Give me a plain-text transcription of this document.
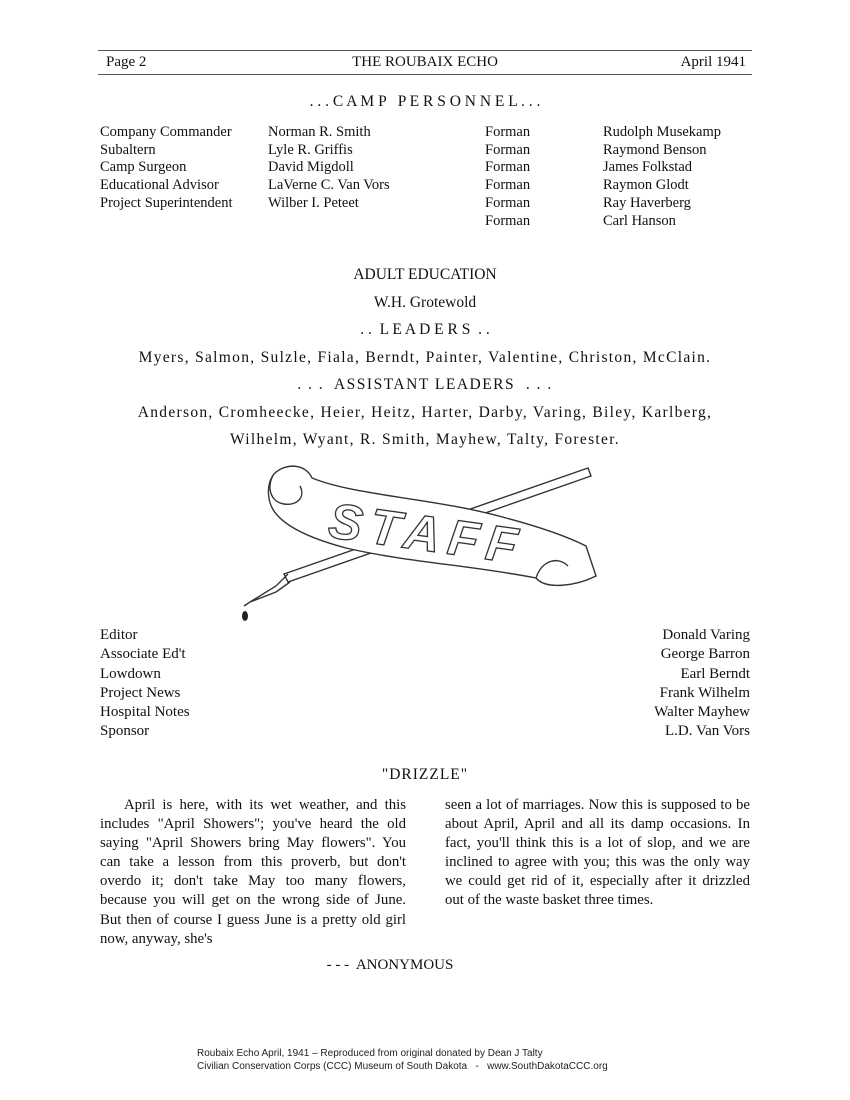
Page 2	THE ROUBAIX ECHO	April 1941
. . . C A M P   P E R S O N N E L . . .
Company Commander
Subaltern
Camp Surgeon
Educational Advisor
Project Superintendent
Norman R. Smith
Lyle R. Griffis
David Migdoll
LaVerne C. Van Vors
Wilber I. Peteet
Forman
Forman
Forman
Forman
Forman
Forman
Rudolph Musekamp
Raymond Benson
James Folkstad
Raymon Glodt
Ray Haverberg
Carl Hanson
ADULT EDUCATION
W.H. Grotewold
. .  L E A D E R S  . .
Myers, Salmon, Sulzle, Fiala, Berndt, Painter, Valentine, Christon, McClain.
. . .  ASSISTANT LEADERS  . . .
Anderson, Cromheecke, Heier, Heitz, Harter, Darby, Varing, Biley, Karlberg,
Wilhelm, Wyant, R. Smith, Mayhew, Talty, Forester.
STAFF
Editor
Associate Ed't
Lowdown
Project News
Hospital Notes
Sponsor
Donald Varing
George Barron
Earl Berndt
Frank Wilhelm
Walter Mayhew
L.D. Van Vors
"DRIZZLE"
April is here, with its wet weather, and this includes "April Showers"; you've heard the old saying "April Showers bring May flowers". You can take a lesson from this proverb, but don't overdo it; don't take May too many flowers, because you will get on the wrong side of June. But then of course I guess June is a pretty old girl now, anyway, she's
seen a lot of marriages. Now this is supposed to be about April, April and all its damp occasions. In fact, you'll think this is a lot of slop, and we are inclined to agree with you; this was the only way we could get rid of it, especially after it drizzled out of the waste basket three times.
- - -  ANONYMOUS
Roubaix Echo April, 1941 – Reproduced from original donated by Dean J Talty
Civilian Conservation Corps (CCC) Museum of South Dakota   -   www.SouthDakotaCCC.org
